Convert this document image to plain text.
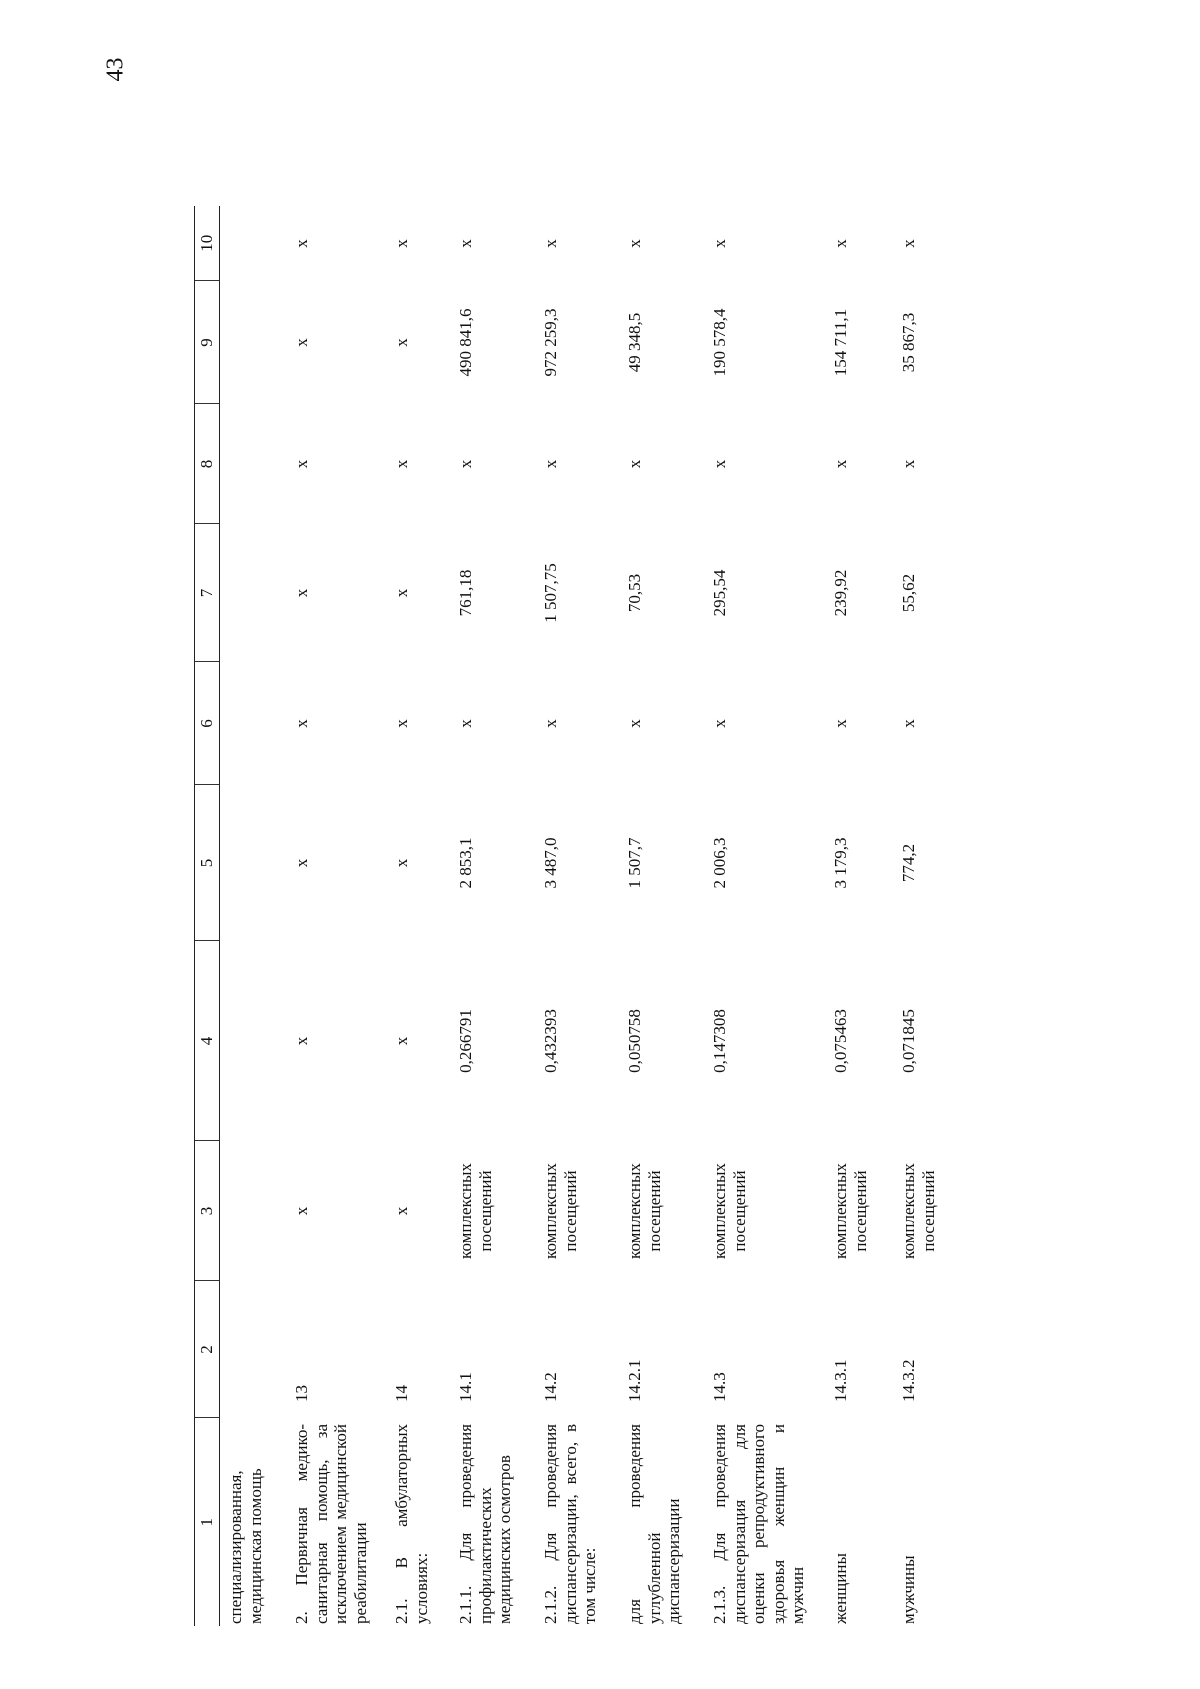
43
1	2	3	4	5	6	7	8	9	10
специализированная, медицинская помощь									
2. Первичная медико-санитарная помощь, за исключением медицинской реабилитации	13	x	x	x	x	x	x	x	x
2.1. В амбулаторных условиях:	14	x	x	x	x	x	x	x	x
2.1.1. Для проведения профилактических медицинских осмотров	14.1	комплексных посещений	0,266791	2 853,1	x	761,18	x	490 841,6	x
2.1.2. Для проведения диспансеризации, всего, в том числе:	14.2	комплексных посещений	0,432393	3 487,0	x	1 507,75	x	972 259,3	x
для проведения углубленной диспансеризации	14.2.1	комплексных посещений	0,050758	1 507,7	x	70,53	x	49 348,5	x
2.1.3. Для проведения диспансеризация для оценки репродуктивного здоровья женщин и мужчин	14.3	комплексных посещений	0,147308	2 006,3	x	295,54	x	190 578,4	x
женщины	14.3.1	комплексных посещений	0,075463	3 179,3	x	239,92	x	154 711,1	x
мужчины	14.3.2	комплексных посещений	0,071845	774,2	x	55,62	x	35 867,3	x
